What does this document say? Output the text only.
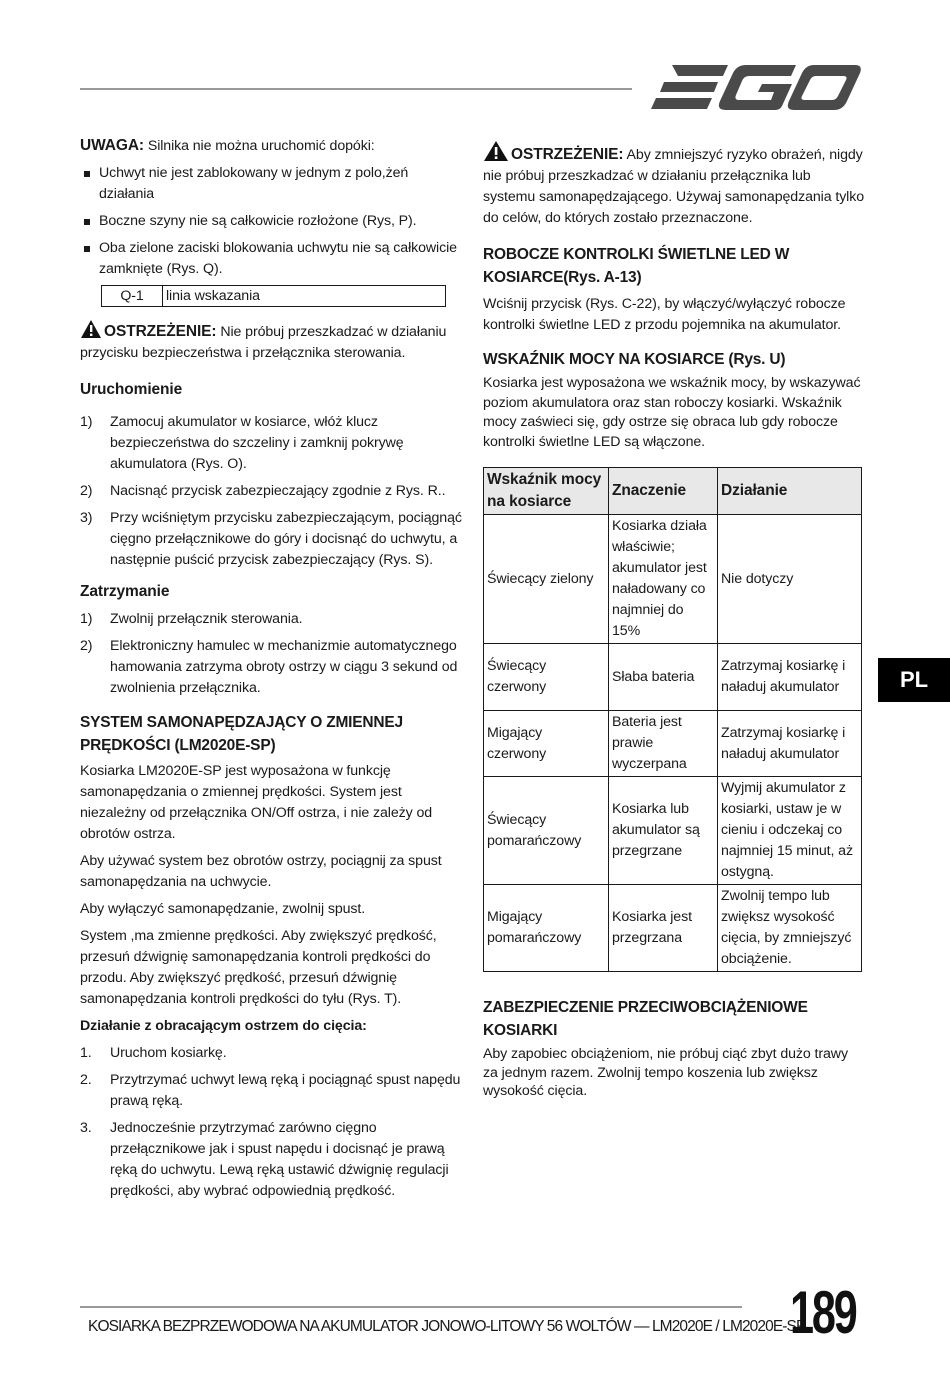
UWAGA: Silnika nie można uruchomić dopóki:

Uchwyt nie jest zablokowany w jednym z polo,żeń działania
Boczne szyny nie są całkowicie rozłożone (Rys, P).
Oba zielone zaciski blokowania uchwytu nie są całkowicie zamknięte (Rys. Q).
Q-1	linia wskazania

OSTRZEŻENIE: Nie próbuj przeszkadzać w działaniu przycisku bezpieczeństwa i przełącznika sterowania.

Uruchomienie

1) Zamocuj akumulator w kosiarce, włóż klucz bezpieczeństwa do szczeliny i zamknij pokrywę akumulatora (Rys. O).
2) Nacisnąć przycisk zabezpieczający zgodnie z Rys. R..
3) Przy wciśniętym przycisku zabezpieczającym, pociągnąć cięgno przełącznikowe do góry i docisnąć do uchwytu, a następnie puścić przycisk zabezpieczający (Rys. S).

Zatrzymanie

1) Zwolnij przełącznik sterowania.
2) Elektroniczny hamulec w mechanizmie automatycznego hamowania zatrzyma obroty ostrzy w ciągu 3 sekund od zwolnienia przełącznika.

SYSTEM SAMONAPĘDZAJĄCY O ZMIENNEJ PRĘDKOŚCI (LM2020E-SP)

Kosiarka LM2020E-SP jest wyposażona w funkcję samonapędzania o zmiennej prędkości. System jest niezależny od przełącznika ON/Off ostrza, i nie zależy od obrotów ostrza.

Aby używać system bez obrotów ostrzy, pociągnij za spust samonapędzania na uchwycie.

Aby wyłączyć samonapędzanie, zwolnij spust.

System ,ma zmienne prędkości. Aby zwiększyć prędkość, przesuń dźwignię samonapędzania kontroli prędkości do przodu. Aby zwiększyć prędkość, przesuń dźwignię samonapędzania kontroli prędkości do tyłu (Rys. T).

Działanie z obracającym ostrzem do cięcia:

1. Uruchom kosiarkę.
2. Przytrzymać uchwyt lewą ręką i pociągnąć spust napędu prawą ręką.
3. Jednocześnie przytrzymać zarówno cięgno przełącznikowe jak i spust napędu i docisnąć je prawą ręką do uchwytu. Lewą ręką ustawić dźwignię regulacji prędkości, aby wybrać odpowiednią prędkość.

OSTRZEŻENIE: Aby zmniejszyć ryzyko obrażeń, nigdy nie próbuj przeszkadzać w działaniu przełącznika lub systemu samonapędzającego. Używaj samonapędzania tylko do celów, do których zostało przeznaczone.

ROBOCZE KONTROLKI ŚWIETLNE LED W KOSIARCE(Rys. A-13)

Wciśnij przycisk (Rys. C-22), by włączyć/wyłączyć robocze kontrolki świetlne LED z przodu pojemnika na akumulator.

WSKAŹNIK MOCY NA KOSIARCE (Rys. U)

Kosiarka jest wyposażona we wskaźnik mocy, by wskazywać poziom akumulatora oraz stan roboczy kosiarki. Wskaźnik mocy zaświeci się, gdy ostrze się obraca lub gdy robocze kontrolki świetlne LED są włączone.

Wskaźnik mocy na kosiarce	Znaczenie	Działanie
Świecący zielony	Kosiarka działa właściwie; akumulator jest naładowany co najmniej do 15%	Nie dotyczy
Świecący czerwony	Słaba bateria	Zatrzymaj kosiarkę i naładuj akumulator
Migający czerwony	Bateria jest prawie wyczerpana	Zatrzymaj kosiarkę i naładuj akumulator
Świecący pomarańczowy	Kosiarka lub akumulator są przegrzane	Wyjmij akumulator z kosiarki, ustaw je w cieniu i odczekaj co najmniej 15 minut, aż ostygną.
Migający pomarańczowy	Kosiarka jest przegrzana	Zwolnij tempo lub zwiększ wysokość cięcia, by zmniejszyć obciążenie.

ZABEZPIECZENIE PRZECIWOBCIĄŻENIOWE KOSIARKI

Aby zapobiec obciążeniom, nie próbuj ciąć zbyt dużo trawy za jednym razem. Zwolnij tempo koszenia lub zwiększ wysokość cięcia.

PL
KOSIARKA BEZPRZEWODOWA NA AKUMULATOR JONOWO-LITOWY 56 WOLTÓW — LM2020E / LM2020E-SP
189
